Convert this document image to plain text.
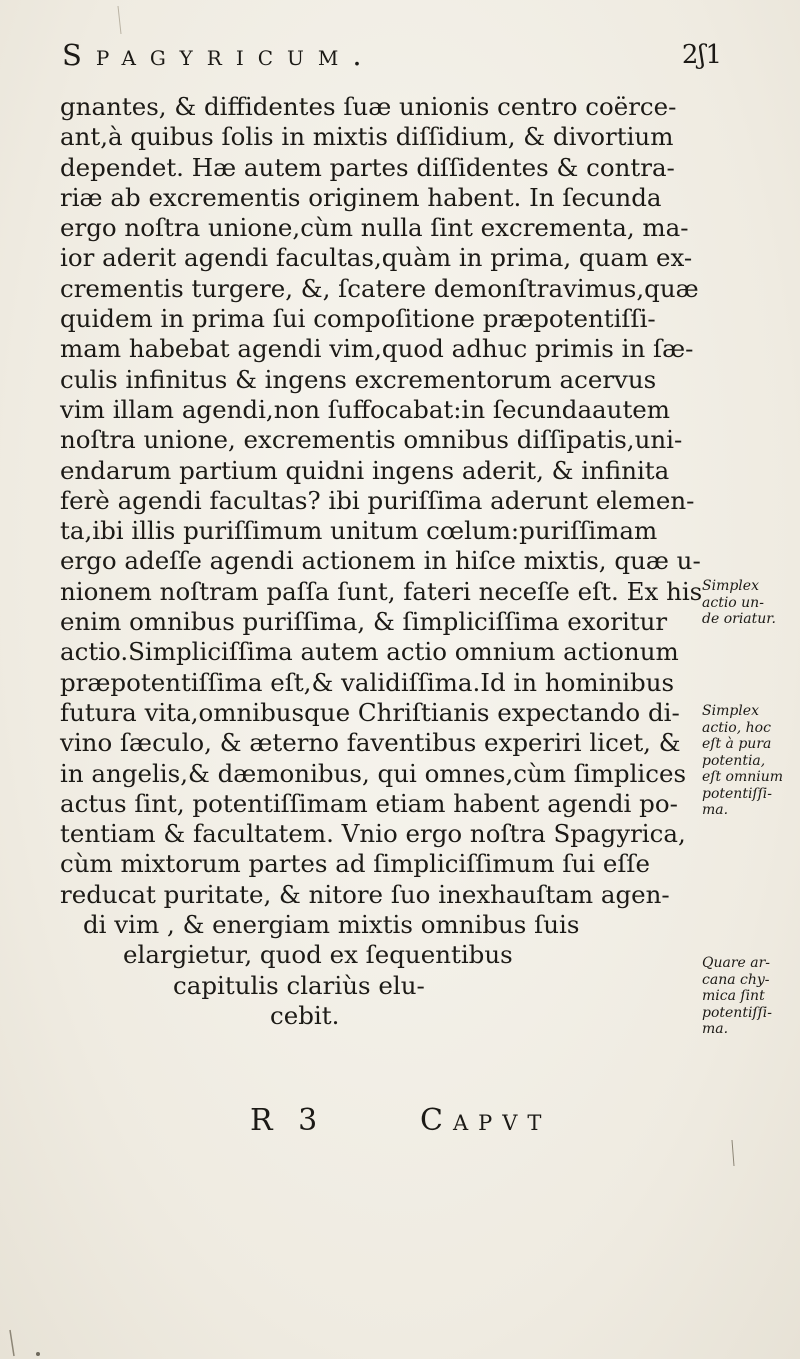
Spagyricum.	2ʃ1
gnantes, & diffidentes ſuæ unionis centro coërce-
ant,à quibus ſolis in mixtis diſſidium, & divortium
dependet. Hæ autem partes diſſidentes & contra-
riæ ab excrementis originem habent. In ſecunda
ergo noſtra unione,cùm nulla ſint excrementa, ma-
ior aderit agendi facultas,quàm in prima, quam ex-
crementis turgere, &, ſcatere demonſtravimus,quæ
quidem in prima ſui compoſitione præpotentiſſi-
mam habebat agendi vim,quod adhuc primis in ſæ-
culis infinitus & ingens excrementorum acervus
vim illam agendi,non ſuffocabat:in ſecundaautem
noſtra unione, excrementis omnibus diſſipatis,uni-
endarum partium quidni ingens aderit, & infinita
ferè agendi facultas? ibi puriſſima aderunt elemen-
ta,ibi illis puriſſimum unitum cœlum:puriſſimam
ergo adeſſe agendi actionem in hiſce mixtis, quæ u-
nionem noſtram paſſa ſunt, fateri neceſſe eſt. Ex his
enim omnibus puriſſima, & ſimpliciſſima exoritur
actio.Simpliciſſima autem actio omnium actionum
præpotentiſſima eſt,& validiſſima.Id in hominibus
futura vita,omnibusque Chriſtianis expectando di-
vino ſæculo, & æterno faventibus experiri licet, &
in angelis,& dæmonibus, qui omnes,cùm ſimplices
actus ſint, potentiſſimam etiam habent agendi po-
tentiam & facultatem. Vnio ergo noſtra Spagyrica,
cùm mixtorum partes ad ſimpliciſſimum ſui eſſe
reducat puritate, & nitore ſuo inexhauſtam agen-
di vim , & energiam mixtis omnibus ſuis
elargietur, quod ex ſequentibus
capitulis clariùs elu-
cebit.
Simplex
actio un-
de oriatur.
Simplex
actio, hoc
eſt à pura
potentia,
eſt omnium
potentiſſi-
ma.
Quare ar-
cana chy-
mica ſint
potentiſſi-
ma.
R 3	Capvt
